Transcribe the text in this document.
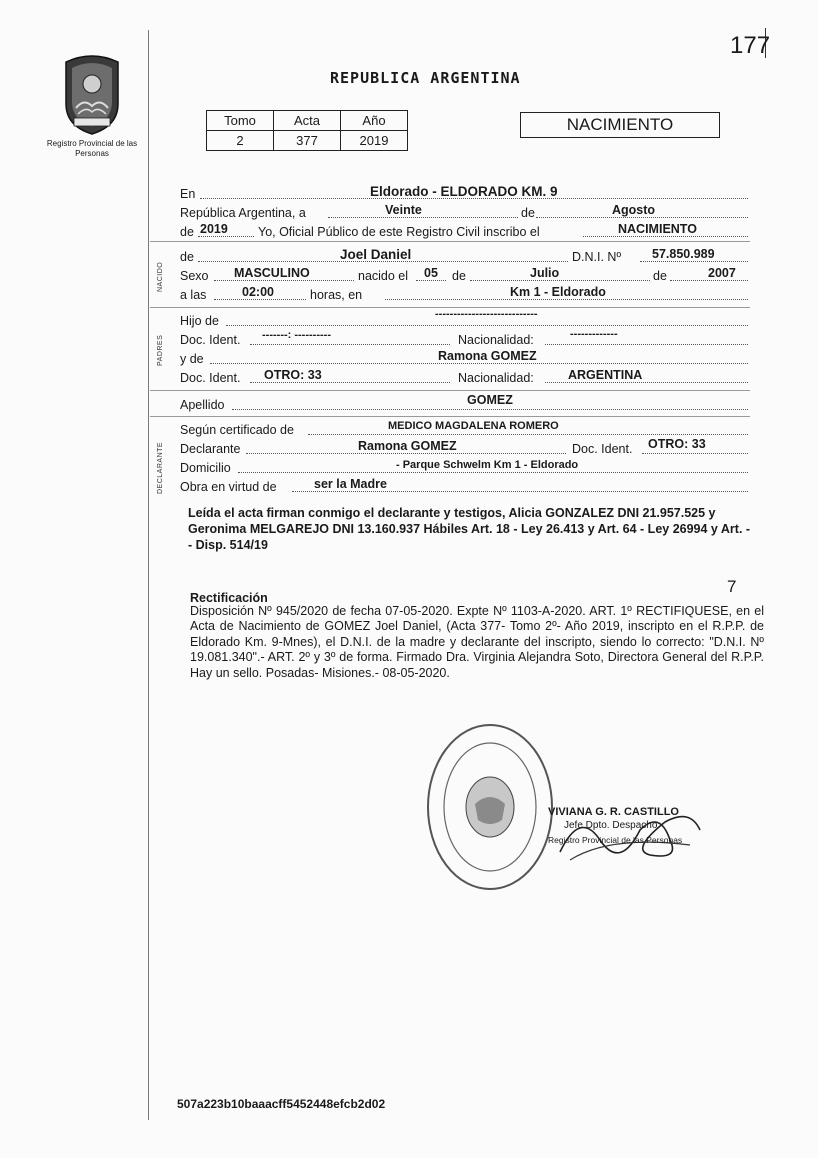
177
Registro Provincial de las Personas
REPUBLICA ARGENTINA
Tomo	Acta	Año
2	377	2019
NACIMIENTO
En	Eldorado - ELDORADO KM. 9
República Argentina, a	Veinte	de	Agosto
de 2019 Yo, Oficial Público de este Registro Civil inscribo el	NACIMIENTO
NACIDO
de	Joel Daniel	D.N.I. Nº 57.850.989
Sexo MASCULINO	nacido el 05 de	Julio	de	2007
a las	02:00	horas, en	Km 1 - Eldorado
PADRES
Hijo de	----------------------------
Doc. Ident. -------: ----------	Nacionalidad:	-------------
y de	Ramona GOMEZ
Doc. Ident. OTRO: 33	Nacionalidad:	ARGENTINA
Apellido	GOMEZ
DECLARANTE
Según certificado de	MEDICO MAGDALENA ROMERO
Declarante	Ramona GOMEZ	Doc. Ident. OTRO: 33
Domicilio	- Parque Schwelm Km 1 - Eldorado
Obra en virtud de	ser la Madre
Leída el acta firman conmigo el declarante y testigos, Alicia GONZALEZ DNI 21.957.525 y Geronima MELGAREJO DNI 13.160.937 Hábiles Art. 18 - Ley 26.413 y Art. 64 - Ley 26994 y Art. - - Disp. 514/19
7
Rectificación
Disposición Nº 945/2020 de fecha 07-05-2020. Expte Nº 1103-A-2020. ART. 1º RECTIFIQUESE, en el Acta de Nacimiento de GOMEZ Joel Daniel, (Acta 377- Tomo 2º- Año 2019, inscripto en el R.P.P. de Eldorado Km. 9-Mnes), el D.N.I. de la madre y declarante del inscripto, siendo lo correcto: "D.N.I. Nº 19.081.340".- ART. 2º y 3º de forma. Firmado Dra. Virginia Alejandra Soto, Directora General del R.P.P. Hay un sello. Posadas- Misiones.- 08-05-2020.
VIVIANA G. R. CASTILLO
Jefe Dpto. Despacho
Registro Provincial de las Personas
507a223b10baaacff5452448efcb2d02
